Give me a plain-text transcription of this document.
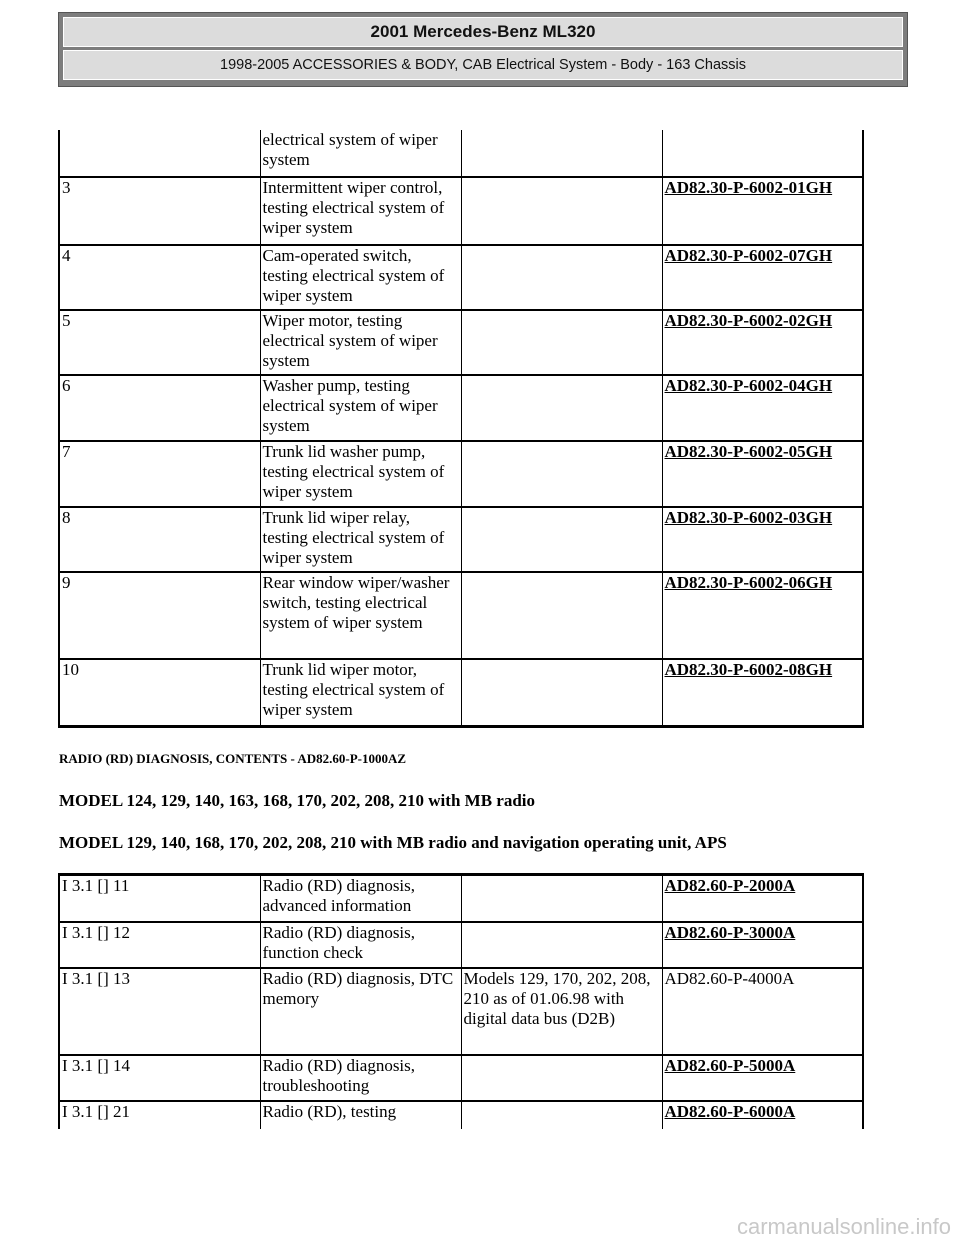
2001 Mercedes-Benz ML320
1998-2005 ACCESSORIES & BODY, CAB Electrical System - Body - 163 Chassis
	electrical system of wiper system		
3	Intermittent wiper control, testing electrical system of wiper system		AD82.30-P-6002-01GH
4	Cam-operated switch, testing electrical system of wiper system		AD82.30-P-6002-07GH
5	Wiper motor, testing electrical system of wiper system		AD82.30-P-6002-02GH
6	Washer pump, testing electrical system of wiper system		AD82.30-P-6002-04GH
7	Trunk lid washer pump, testing electrical system of wiper system		AD82.30-P-6002-05GH
8	Trunk lid wiper relay, testing electrical system of wiper system		AD82.30-P-6002-03GH
9	Rear window wiper/washer switch, testing electrical system of wiper system		AD82.30-P-6002-06GH
10	Trunk lid wiper motor, testing electrical system of wiper system		AD82.30-P-6002-08GH
RADIO (RD) DIAGNOSIS, CONTENTS - AD82.60-P-1000AZ
MODEL 124, 129, 140, 163, 168, 170, 202, 208, 210 with MB radio
MODEL 129, 140, 168, 170, 202, 208, 210 with MB radio and navigation operating unit, APS
I 3.1 [] 11	Radio (RD) diagnosis, advanced information		AD82.60-P-2000A
I 3.1 [] 12	Radio (RD) diagnosis, function check		AD82.60-P-3000A
I 3.1 [] 13	Radio (RD) diagnosis, DTC memory	Models 129, 170, 202, 208, 210 as of 01.06.98 with digital data bus (D2B)	AD82.60-P-4000A
I 3.1 [] 14	Radio (RD) diagnosis, troubleshooting		AD82.60-P-5000A
I 3.1 [] 21	Radio (RD), testing		AD82.60-P-6000A
carmanualsonline.info
